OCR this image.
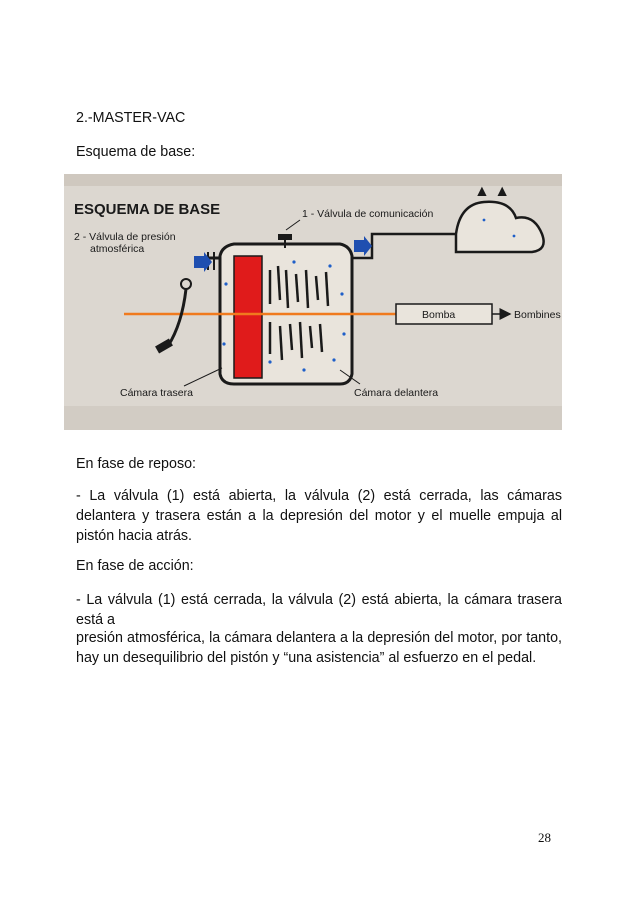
2.-MASTER-VAC
Esquema de base:
ESQUEMA DE BASE
2 - Válvula de presión
atmosférica
1 - Válvula de comunicación
▲ ▲
Bomba	Bombines
Cámara trasera	Cámara delantera
En fase de reposo:
- La válvula (1) está abierta, la válvula (2) está cerrada, las cámaras delantera y trasera están a la depresión del motor y el muelle empuja al pistón hacia atrás.
En fase de acción:
- La válvula (1) está cerrada, la válvula (2) está abierta, la cámara trasera está a
presión atmosférica, la cámara delantera a la depresión del motor, por tanto, hay un desequilibrio del pistón y “una asistencia” al esfuerzo en el pedal.
28
